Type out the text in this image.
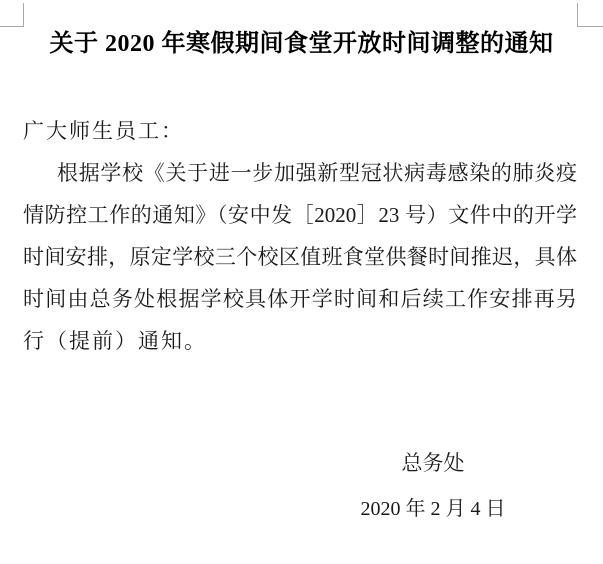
关于 2020 年寒假期间食堂开放时间调整的通知
广大师生员工：
根据学校《关于进一步加强新型冠状病毒感染的肺炎疫
情防控工作的通知》（安中发［2020］23 号）文件中的开学
时间安排，原定学校三个校区值班食堂供餐时间推迟，具体
时间由总务处根据学校具体开学时间和后续工作安排再另
行（提前）通知。
总务处
2020 年 2 月 4 日
